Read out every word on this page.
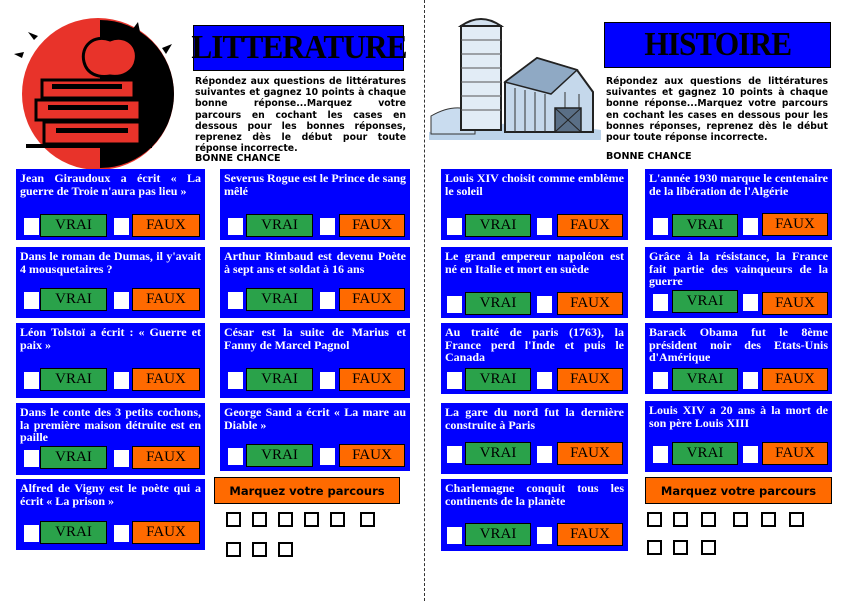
LITTERATURE

Répondez aux questions de littératures suivantes et gagnez 10 points à chaque bonne réponse...Marquez votre parcours en cochant les cases en dessous pour les bonnes réponses, reprenez dès le début pour toute réponse incorrecte.

BONNE CHANCE
HISTOIRE

Répondez aux questions de littératures suivantes et gagnez 10 points à chaque bonne réponse...Marquez votre parcours en cochant les cases en dessous pour les bonnes réponses, reprenez dès le début pour toute réponse incorrecte.

BONNE CHANCE
Jean Giraudoux a écrit « La guerre de Troie n'aura pas lieu »
VRAI	FAUX
Dans le roman de Dumas, il y'avait 4 mousquetaires ?
VRAI	FAUX
Léon Tolstoï a écrit : « Guerre et paix »
VRAI	FAUX
Dans le conte des 3 petits cochons, la première maison détruite est en paille
VRAI	FAUX
Alfred de Vigny est le poète qui a écrit « La prison »
VRAI	FAUX
Severus Rogue est le Prince de sang mêlé
VRAI	FAUX
Arthur Rimbaud est devenu Poète à sept ans et soldat à 16 ans
VRAI	FAUX
César est la suite de Marius et Fanny de Marcel Pagnol
VRAI	FAUX
George Sand a écrit « La mare au Diable »
VRAI	FAUX
Marquez votre parcours
Louis XIV choisit comme emblème le soleil
VRAI	FAUX
Le grand empereur napoléon est né en Italie et mort en suède
VRAI	FAUX
Au traité de paris (1763), la France perd l'Inde et puis le Canada
VRAI	FAUX
La gare du nord fut la dernière construite à Paris
VRAI	FAUX
Charlemagne conquit tous les continents de la planète
VRAI	FAUX
L'année 1930 marque le centenaire de la libération de l'Algérie
VRAI	FAUX
Grâce à la résistance, la France fait partie des vainqueurs de la guerre
VRAI	FAUX
Barack Obama fut le 8ème président noir des Etats-Unis d'Amérique
VRAI	FAUX
Louis XIV a 20 ans à la mort de son père Louis XIII
VRAI	FAUX
Marquez votre parcours
